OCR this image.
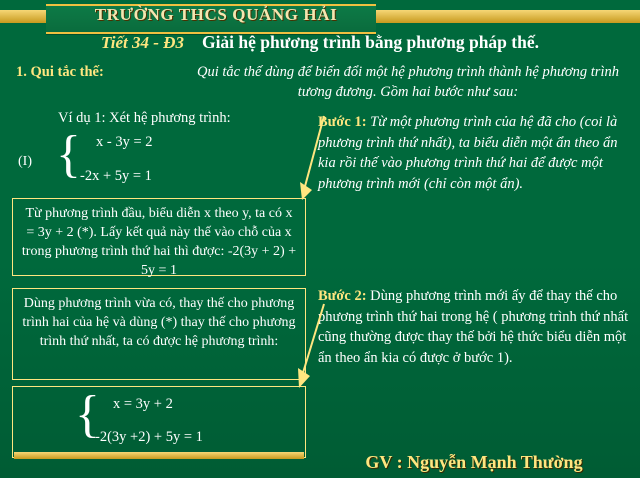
TRƯỜNG THCS QUẢNG HẢI
Tiết 34 - Đ3 Giải hệ phương trình bằng phương pháp thế.
1. Qui tắc thế:	Qui tắc thế dùng để biến đổi một hệ phương trình thành hệ phương trình tương đương. Gồm hai bước như sau:
Ví dụ 1: Xét hệ phương trình:
(I) { x - 3y = 2
-2x + 5y = 1
Từ phương trình đầu, biểu diễn x theo y, ta có x = 3y + 2 (*). Lấy kết quả này thế vào chỗ của x trong phương trình thứ hai thì được: -2(3y + 2) + 5y = 1
Dùng phương trình vừa có, thay thế cho phương trình hai của hệ và dùng (*) thay thế cho phương trình thứ nhất, ta có được hệ phương trình:
{ x = 3y + 2
-2(3y +2) + 5y = 1
Bước 1: Từ một phương trình của hệ đã cho (coi là phương trình thứ nhất), ta biểu diễn một ẩn theo ẩn kia rồi thế vào phương trình thứ hai để được một phương trình mới (chỉ còn một ẩn).
Bước 2: Dùng phương trình mới ấy để thay thế cho phương trình thứ hai trong hệ ( phương trình thứ nhất cũng thường được thay thế bởi hệ thức biểu diễn một ẩn theo ẩn kia có được ở bước 1).
GV : Nguyễn Mạnh Thường
